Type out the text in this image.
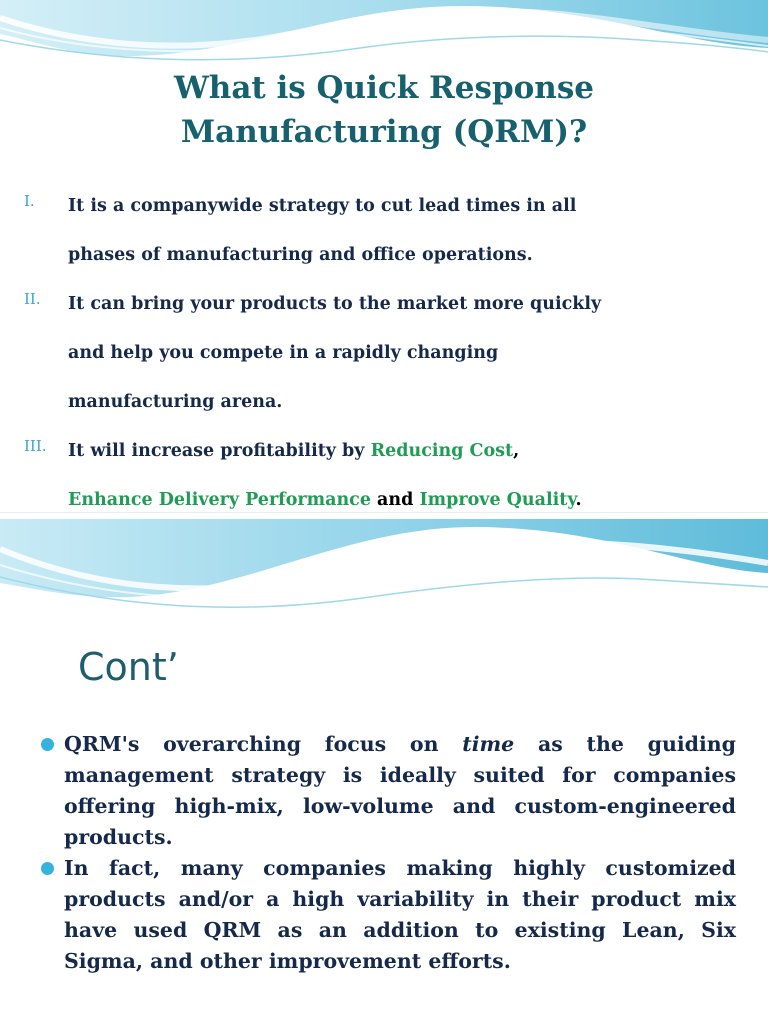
What is Quick Response
Manufacturing (QRM)?
I. It is a companywide strategy to cut lead times in all
phases of manufacturing and office operations.
II. It can bring your products to the market more quickly
and help you compete in a rapidly changing
manufacturing arena.
III. It will increase profitability by Reducing Cost,
Enhance Delivery Performance and Improve Quality.
Cont’
QRM's overarching focus on time as the guiding management strategy is ideally suited for companies offering high-mix, low-volume and custom-engineered products.
In fact, many companies making highly customized products and/or a high variability in their product mix have used QRM as an addition to existing Lean, Six Sigma, and other improvement efforts.
